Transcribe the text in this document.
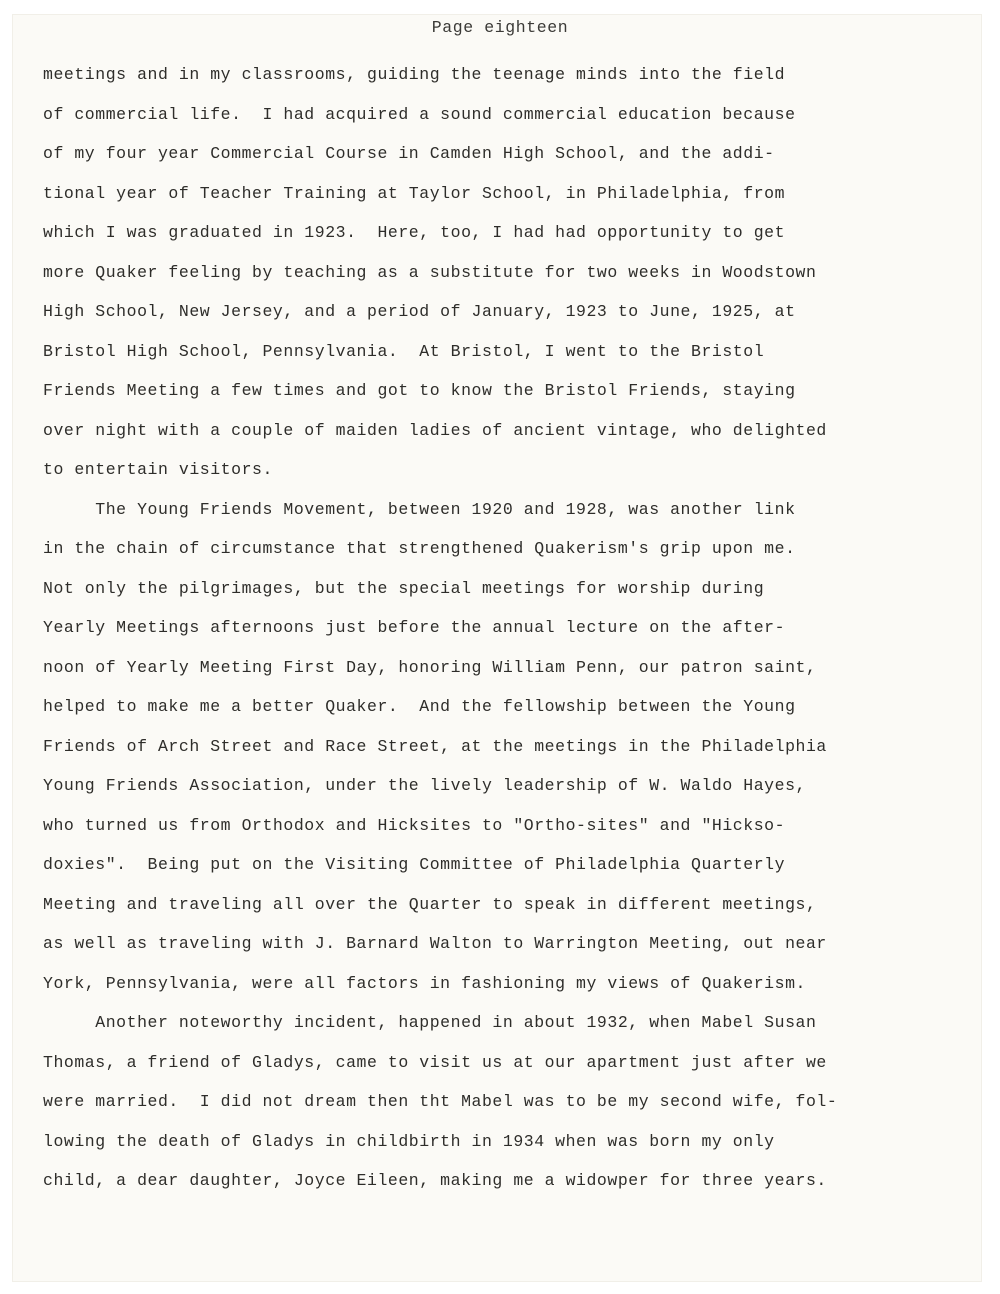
Page eighteen
meetings and in my classrooms, guiding the teenage minds into the field
of commercial life.  I had acquired a sound commercial education because
of my four year Commercial Course in Camden High School, and the addi-
tional year of Teacher Training at Taylor School, in Philadelphia, from
which I was graduated in 1923.  Here, too, I had had opportunity to get
more Quaker feeling by teaching as a substitute for two weeks in Woodstown
High School, New Jersey, and a period of January, 1923 to June, 1925, at
Bristol High School, Pennsylvania.  At Bristol, I went to the Bristol
Friends Meeting a few times and got to know the Bristol Friends, staying
over night with a couple of maiden ladies of ancient vintage, who delighted
to entertain visitors.
The Young Friends Movement, between 1920 and 1928, was another link
in the chain of circumstance that strengthened Quakerism's grip upon me.
Not only the pilgrimages, but the special meetings for worship during
Yearly Meetings afternoons just before the annual lecture on the after-
noon of Yearly Meeting First Day, honoring William Penn, our patron saint,
helped to make me a better Quaker.  And the fellowship between the Young
Friends of Arch Street and Race Street, at the meetings in the Philadelphia
Young Friends Association, under the lively leadership of W. Waldo Hayes,
who turned us from Orthodox and Hicksites to "Ortho-sites" and "Hickso-
doxies".  Being put on the Visiting Committee of Philadelphia Quarterly
Meeting and traveling all over the Quarter to speak in different meetings,
as well as traveling with J. Barnard Walton to Warrington Meeting, out near
York, Pennsylvania, were all factors in fashioning my views of Quakerism.
Another noteworthy incident, happened in about 1932, when Mabel Susan
Thomas, a friend of Gladys, came to visit us at our apartment just after we
were married.  I did not dream then tht Mabel was to be my second wife, fol-
lowing the death of Gladys in childbirth in 1934 when was born my only
child, a dear daughter, Joyce Eileen, making me a widowper for three years.
